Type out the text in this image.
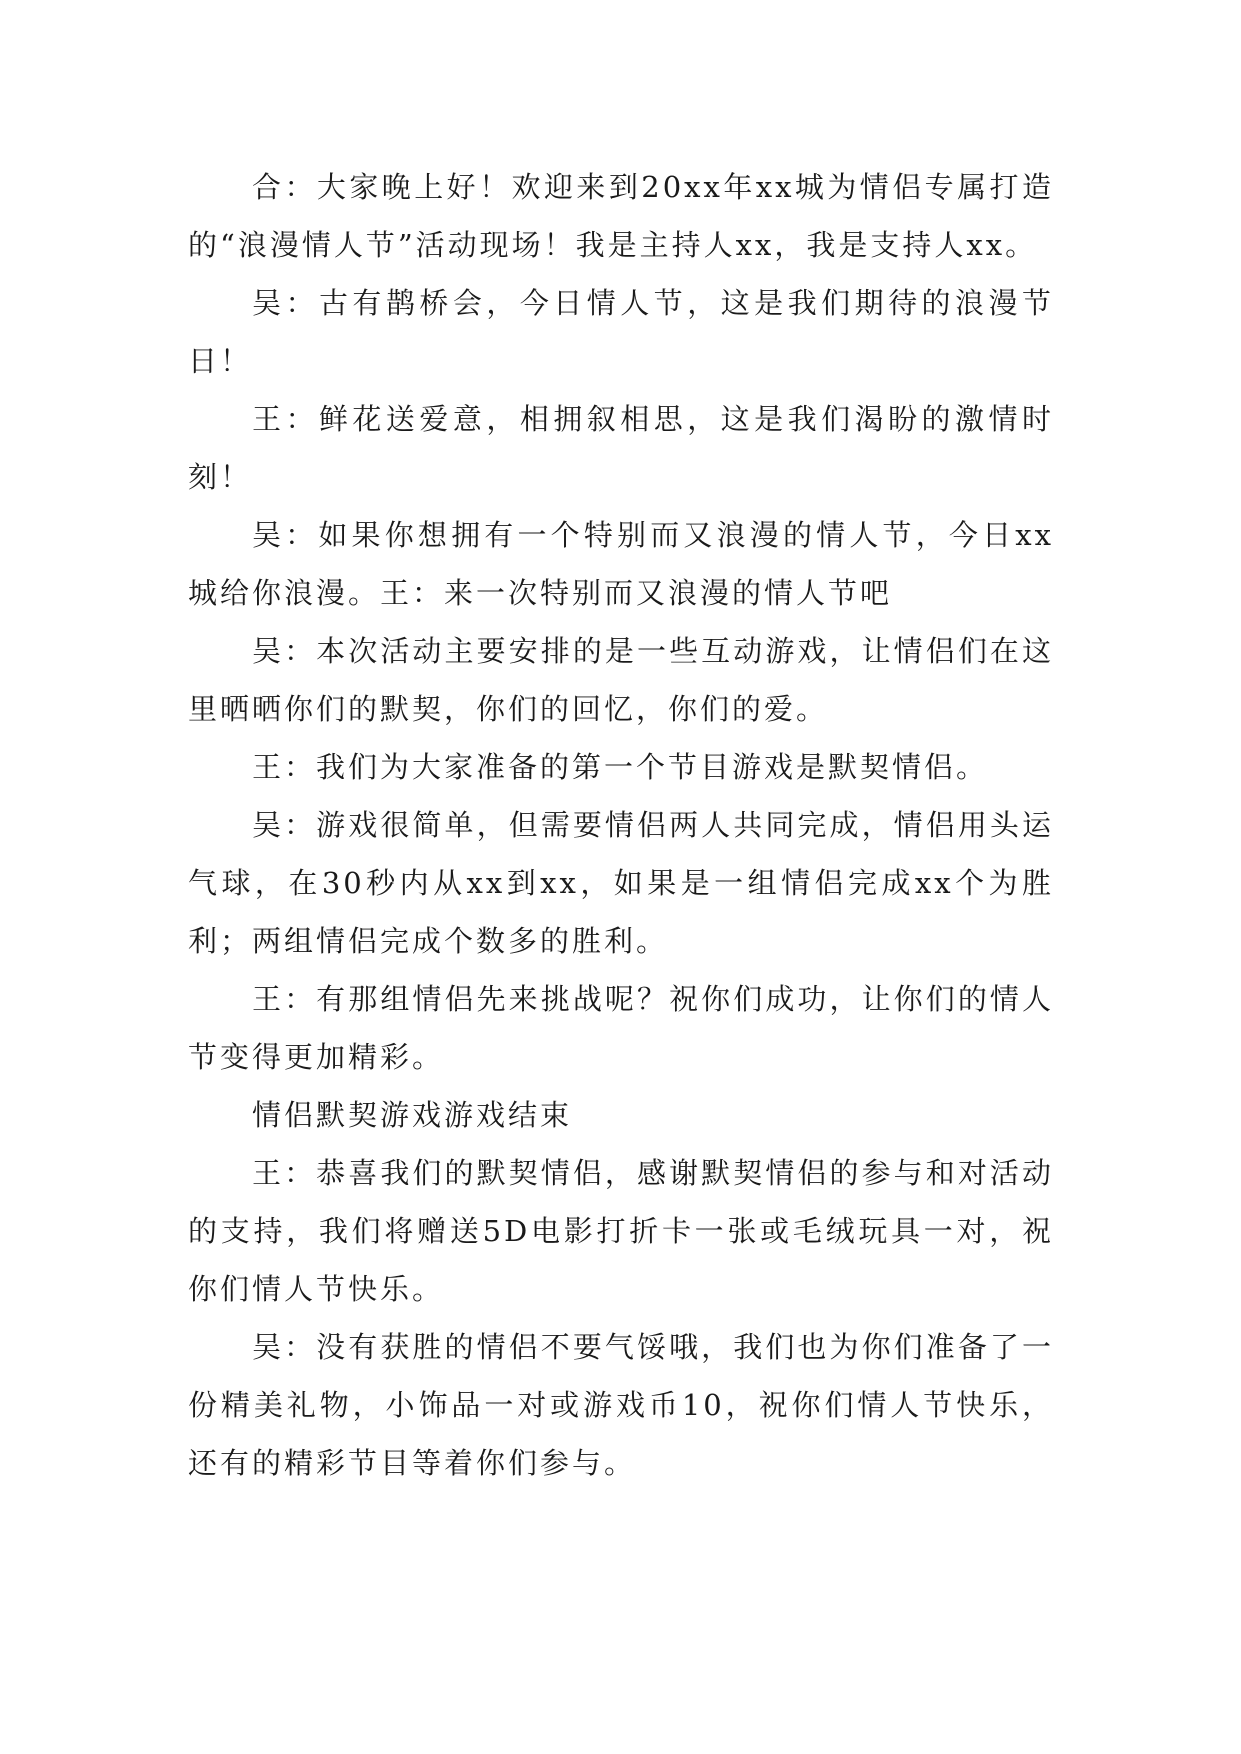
合：大家晚上好！欢迎来到20xx年xx城为情侣专属打造的“浪漫情人节”活动现场！我是主持人xx，我是支持人xx。

吴：古有鹊桥会，今日情人节，这是我们期待的浪漫节日！

王：鲜花送爱意，相拥叙相思，这是我们渴盼的激情时刻！

吴：如果你想拥有一个特别而又浪漫的情人节，今日xx城给你浪漫。王：来一次特别而又浪漫的情人节吧

吴：本次活动主要安排的是一些互动游戏，让情侣们在这里晒晒你们的默契，你们的回忆，你们的爱。

王：我们为大家准备的第一个节目游戏是默契情侣。

吴：游戏很简单，但需要情侣两人共同完成，情侣用头运气球，在30秒内从xx到xx，如果是一组情侣完成xx个为胜利；两组情侣完成个数多的胜利。

王：有那组情侣先来挑战呢？祝你们成功，让你们的情人节变得更加精彩。

情侣默契游戏游戏结束

王：恭喜我们的默契情侣，感谢默契情侣的参与和对活动的支持，我们将赠送5D电影打折卡一张或毛绒玩具一对，祝你们情人节快乐。

吴：没有获胜的情侣不要气馁哦，我们也为你们准备了一份精美礼物，小饰品一对或游戏币10，祝你们情人节快乐，还有的精彩节目等着你们参与。
